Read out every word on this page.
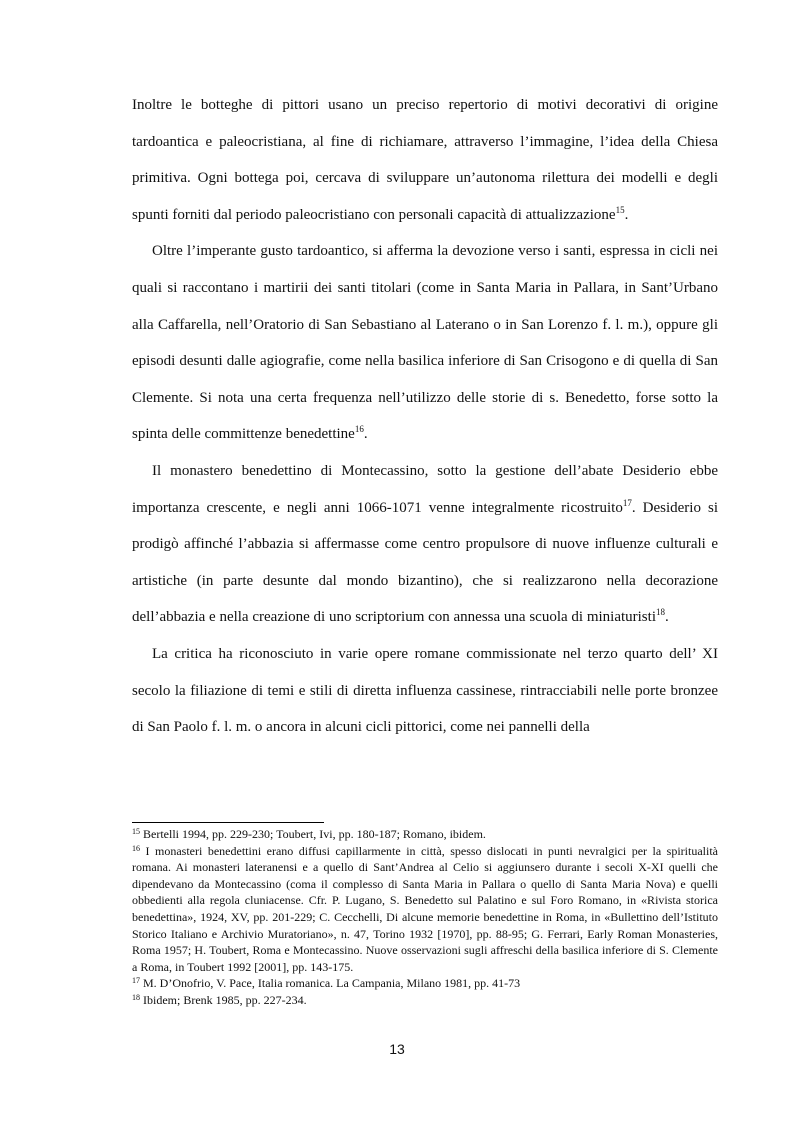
Inoltre le botteghe di pittori usano un preciso repertorio di motivi decorativi di origine tardoantica e paleocristiana, al fine di richiamare, attraverso l’immagine, l’idea della Chiesa primitiva. Ogni bottega poi, cercava di sviluppare un’autonoma rilettura dei modelli e degli spunti forniti dal periodo paleocristiano con personali capacità di attualizzazione$^{15}$.

Oltre l’imperante gusto tardoantico, si afferma la devozione verso i santi, espressa in cicli nei quali si raccontano i martirii dei santi titolari (come in Santa Maria in Pallara, in Sant’Urbano alla Caffarella, nell’Oratorio di San Sebastiano al Laterano o in San Lorenzo f. l. m.), oppure gli episodi desunti dalle agiografie, come nella basilica inferiore di San Crisogono e di quella di San Clemente. Si nota una certa frequenza nell’utilizzo delle storie di s. Benedetto, forse sotto la spinta delle committenze benedettine$^{16}$.

Il monastero benedettino di Montecassino, sotto la gestione dell’abate Desiderio ebbe importanza crescente, e negli anni 1066-1071 venne integralmente ricostruito$^{17}$. Desiderio si prodigò affinché l’abbazia si affermasse come centro propulsore di nuove influenze culturali e artistiche (in parte desunte dal mondo bizantino), che si realizzarono nella decorazione dell’abbazia e nella creazione di uno scriptorium con annessa una scuola di miniaturisti$^{18}$.

La critica ha riconosciuto in varie opere romane commissionate nel terzo quarto dell’ XI secolo la filiazione di temi e stili di diretta influenza cassinese, rintracciabili nelle porte bronzee di San Paolo f. l. m. o ancora in alcuni cicli pittorici, come nei pannelli della

$^{15}$ Bertelli 1994, pp. 229-230; Toubert, Ivi, pp. 180-187; Romano, ibidem.

$^{16}$ I monasteri benedettini erano diffusi capillarmente in città, spesso dislocati in punti nevralgici per la spiritualità romana. Ai monasteri lateranensi e a quello di Sant’Andrea al Celio si aggiunsero durante i secoli X-XI quelli che dipendevano da Montecassino (coma il complesso di Santa Maria in Pallara o quello di Santa Maria Nova) e quelli obbedienti alla regola cluniacense. Cfr. P. Lugano, S. Benedetto sul Palatino e sul Foro Romano, in «Rivista storica benedettina», 1924, XV, pp. 201-229; C. Cecchelli, Di alcune memorie benedettine in Roma, in «Bullettino dell’Istituto Storico Italiano e Archivio Muratoriano», n. 47, Torino 1932 [1970], pp. 88-95; G. Ferrari, Early Roman Monasteries, Roma 1957; H. Toubert, Roma e Montecassino. Nuove osservazioni sugli affreschi della basilica inferiore di S. Clemente a Roma, in Toubert 1992 [2001], pp. 143-175.

$^{17}$ M. D’Onofrio, V. Pace, Italia romanica. La Campania, Milano 1981, pp. 41-73

$^{18}$ Ibidem; Brenk 1985, pp. 227-234.

13
